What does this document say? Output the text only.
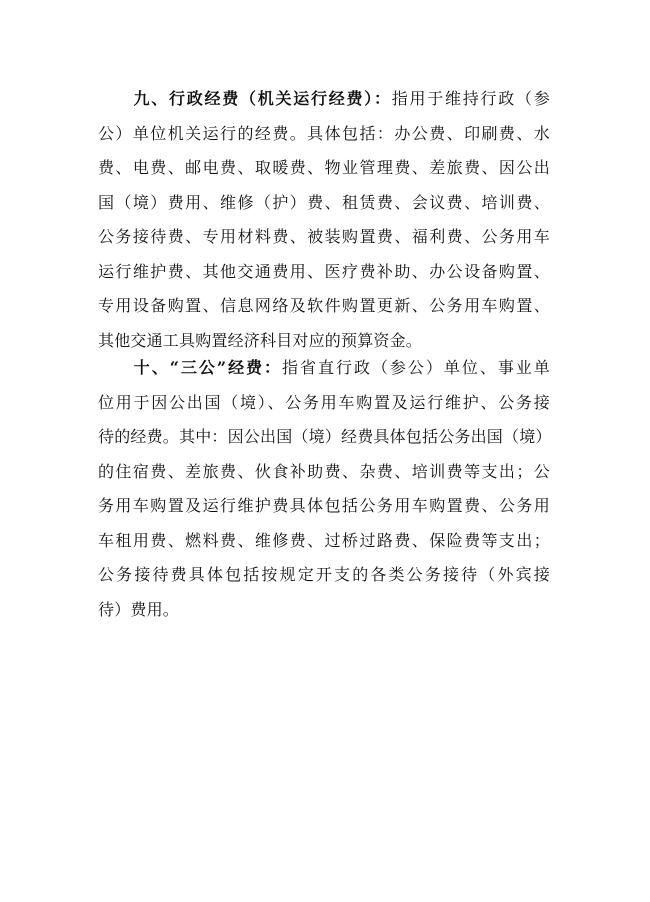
九、行政经费（机关运行经费）：指用于维持行政（参
公）单位机关运行的经费。具体包括：办公费、印刷费、水
费、电费、邮电费、取暖费、物业管理费、差旅费、因公出
国（境）费用、维修（护）费、租赁费、会议费、培训费、
公务接待费、专用材料费、被装购置费、福利费、公务用车
运行维护费、其他交通费用、医疗费补助、办公设备购置、
专用设备购置、信息网络及软件购置更新、公务用车购置、
其他交通工具购置经济科目对应的预算资金。
十、“三公”经费：指省直行政（参公）单位、事业单
位用于因公出国（境）、公务用车购置及运行维护、公务接
待的经费。其中：因公出国（境）经费具体包括公务出国（境）
的住宿费、差旅费、伙食补助费、杂费、培训费等支出；公
务用车购置及运行维护费具体包括公务用车购置费、公务用
车租用费、燃料费、维修费、过桥过路费、保险费等支出；
公务接待费具体包括按规定开支的各类公务接待（外宾接
待）费用。
